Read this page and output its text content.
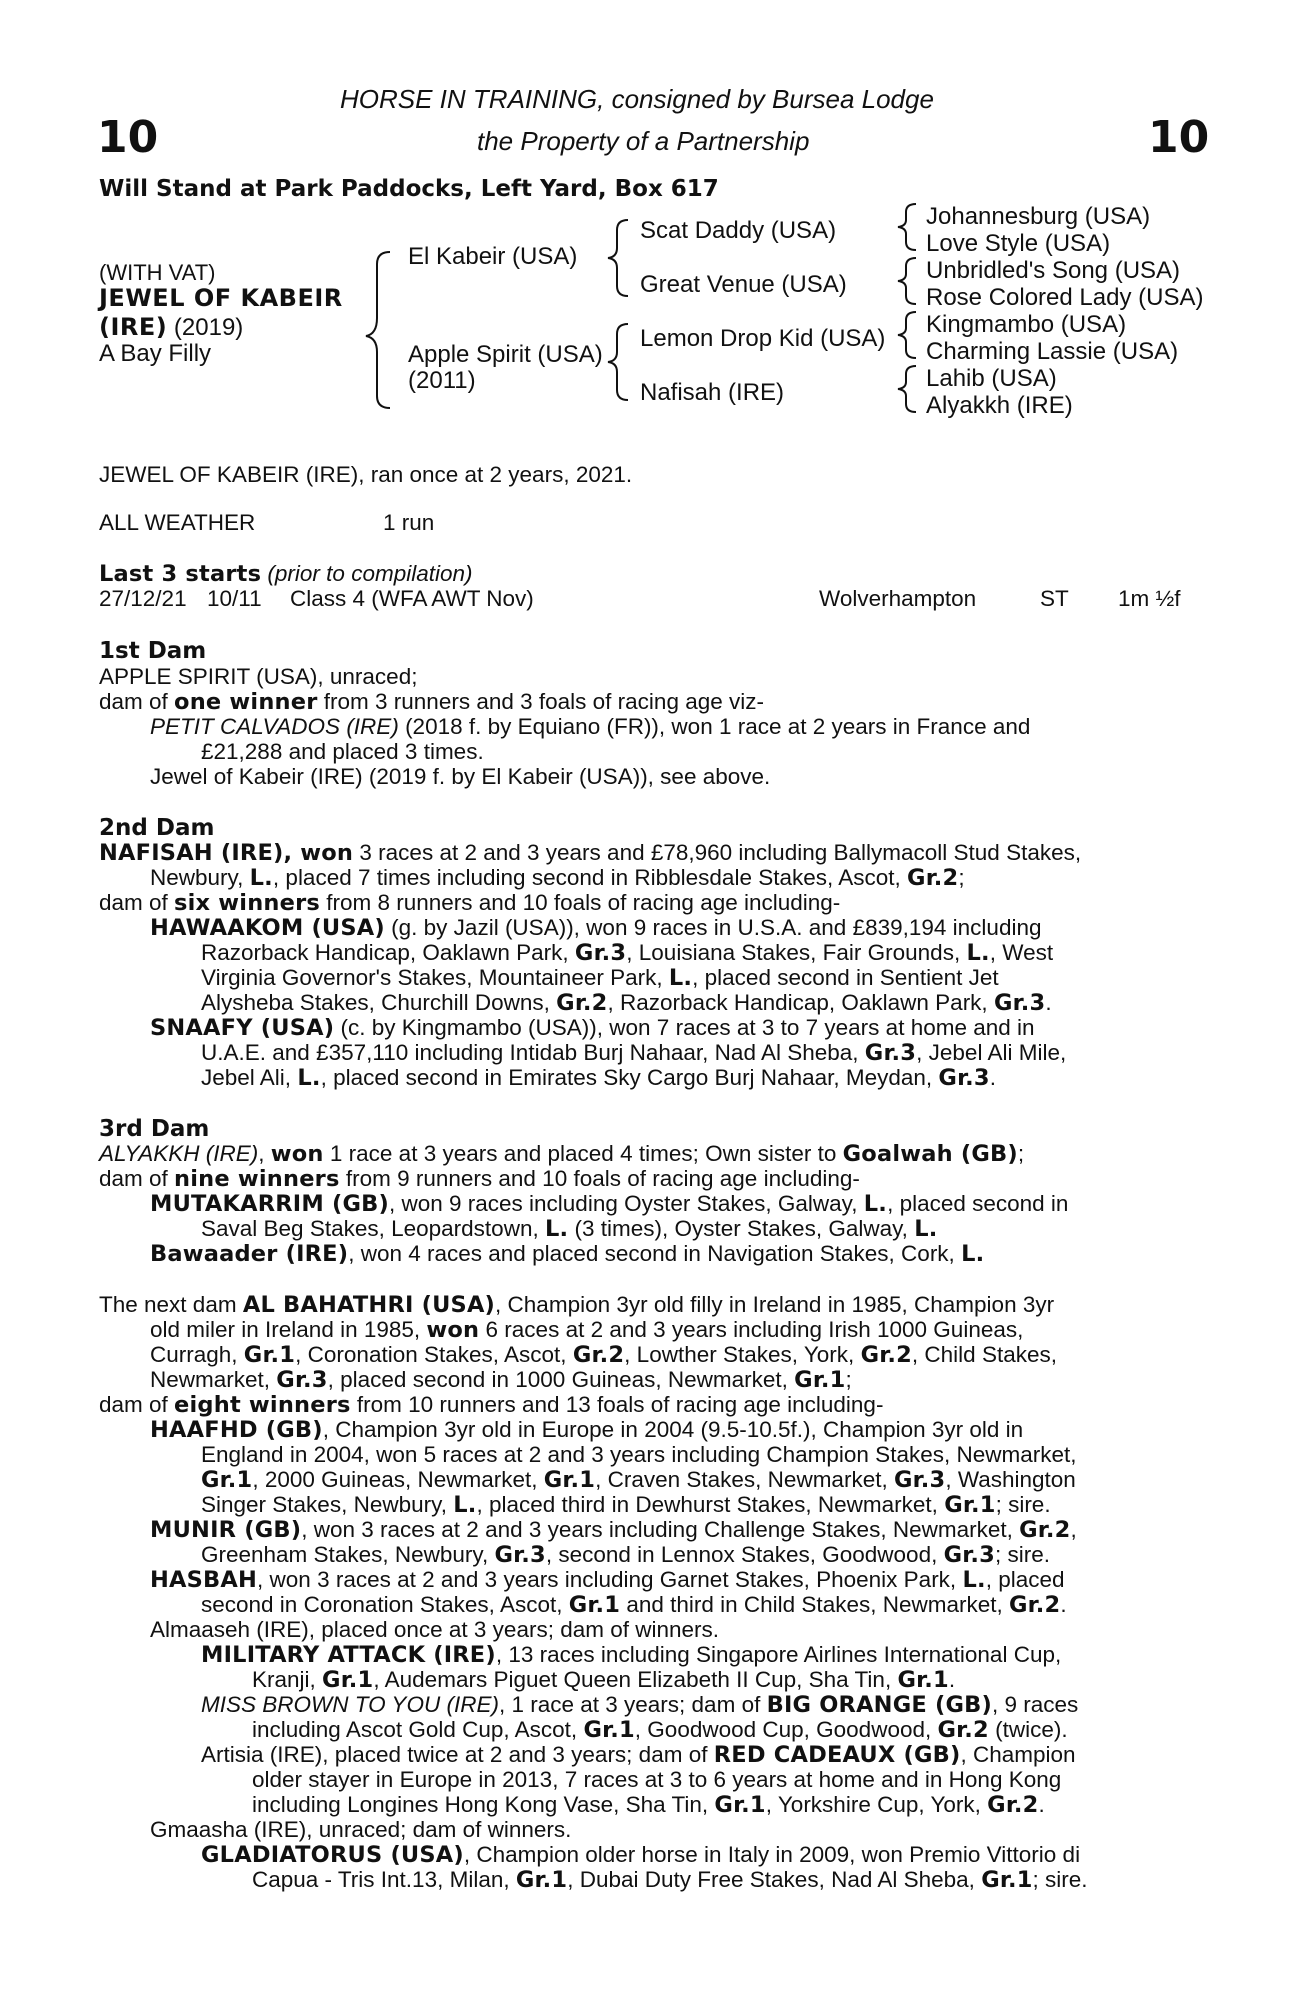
10	10
HORSE IN TRAINING, consigned by Bursea Lodge
the Property of a Partnership
Will Stand at Park Paddocks, Left Yard, Box 617
(WITH VAT)
JEWEL OF KABEIR
(IRE) (2019)
A Bay Filly
El Kabeir (USA)
Apple Spirit (USA)
(2011)
Scat Daddy (USA)
Great Venue (USA)
Lemon Drop Kid (USA)
Nafisah (IRE)
Johannesburg (USA)
Love Style (USA)
Unbridled's Song (USA)
Rose Colored Lady (USA)
Kingmambo (USA)
Charming Lassie (USA)
Lahib (USA)
Alyakkh (IRE)
JEWEL OF KABEIR (IRE), ran once at 2 years, 2021.
ALL WEATHER	1 run
Last 3 starts (prior to compilation)
27/12/21 10/11 Class 4 (WFA AWT Nov)	Wolverhampton	ST 1m ½f
1st Dam
APPLE SPIRIT (USA), unraced;
dam of one winner from 3 runners and 3 foals of racing age viz-
PETIT CALVADOS (IRE) (2018 f. by Equiano (FR)), won 1 race at 2 years in France and
£21,288 and placed 3 times.
Jewel of Kabeir (IRE) (2019 f. by El Kabeir (USA)), see above.
2nd Dam
NAFISAH (IRE), won 3 races at 2 and 3 years and £78,960 including Ballymacoll Stud Stakes,
Newbury, L., placed 7 times including second in Ribblesdale Stakes, Ascot, Gr.2;
dam of six winners from 8 runners and 10 foals of racing age including-
HAWAAKOM (USA) (g. by Jazil (USA)), won 9 races in U.S.A. and £839,194 including
Razorback Handicap, Oaklawn Park, Gr.3, Louisiana Stakes, Fair Grounds, L., West
Virginia Governor's Stakes, Mountaineer Park, L., placed second in Sentient Jet
Alysheba Stakes, Churchill Downs, Gr.2, Razorback Handicap, Oaklawn Park, Gr.3.
SNAAFY (USA) (c. by Kingmambo (USA)), won 7 races at 3 to 7 years at home and in
U.A.E. and £357,110 including Intidab Burj Nahaar, Nad Al Sheba, Gr.3, Jebel Ali Mile,
Jebel Ali, L., placed second in Emirates Sky Cargo Burj Nahaar, Meydan, Gr.3.
3rd Dam
ALYAKKH (IRE), won 1 race at 3 years and placed 4 times; Own sister to Goalwah (GB);
dam of nine winners from 9 runners and 10 foals of racing age including-
MUTAKARRIM (GB), won 9 races including Oyster Stakes, Galway, L., placed second in
Saval Beg Stakes, Leopardstown, L. (3 times), Oyster Stakes, Galway, L.
Bawaader (IRE), won 4 races and placed second in Navigation Stakes, Cork, L.
The next dam AL BAHATHRI (USA), Champion 3yr old filly in Ireland in 1985, Champion 3yr
old miler in Ireland in 1985, won 6 races at 2 and 3 years including Irish 1000 Guineas,
Curragh, Gr.1, Coronation Stakes, Ascot, Gr.2, Lowther Stakes, York, Gr.2, Child Stakes,
Newmarket, Gr.3, placed second in 1000 Guineas, Newmarket, Gr.1;
dam of eight winners from 10 runners and 13 foals of racing age including-
HAAFHD (GB), Champion 3yr old in Europe in 2004 (9.5-10.5f.), Champion 3yr old in
England in 2004, won 5 races at 2 and 3 years including Champion Stakes, Newmarket,
Gr.1, 2000 Guineas, Newmarket, Gr.1, Craven Stakes, Newmarket, Gr.3, Washington
Singer Stakes, Newbury, L., placed third in Dewhurst Stakes, Newmarket, Gr.1; sire.
MUNIR (GB), won 3 races at 2 and 3 years including Challenge Stakes, Newmarket, Gr.2,
Greenham Stakes, Newbury, Gr.3, second in Lennox Stakes, Goodwood, Gr.3; sire.
HASBAH, won 3 races at 2 and 3 years including Garnet Stakes, Phoenix Park, L., placed
second in Coronation Stakes, Ascot, Gr.1 and third in Child Stakes, Newmarket, Gr.2.
Almaaseh (IRE), placed once at 3 years; dam of winners.
MILITARY ATTACK (IRE), 13 races including Singapore Airlines International Cup,
Kranji, Gr.1, Audemars Piguet Queen Elizabeth II Cup, Sha Tin, Gr.1.
MISS BROWN TO YOU (IRE), 1 race at 3 years; dam of BIG ORANGE (GB), 9 races
including Ascot Gold Cup, Ascot, Gr.1, Goodwood Cup, Goodwood, Gr.2 (twice).
Artisia (IRE), placed twice at 2 and 3 years; dam of RED CADEAUX (GB), Champion
older stayer in Europe in 2013, 7 races at 3 to 6 years at home and in Hong Kong
including Longines Hong Kong Vase, Sha Tin, Gr.1, Yorkshire Cup, York, Gr.2.
Gmaasha (IRE), unraced; dam of winners.
GLADIATORUS (USA), Champion older horse in Italy in 2009, won Premio Vittorio di
Capua - Tris Int.13, Milan, Gr.1, Dubai Duty Free Stakes, Nad Al Sheba, Gr.1; sire.
